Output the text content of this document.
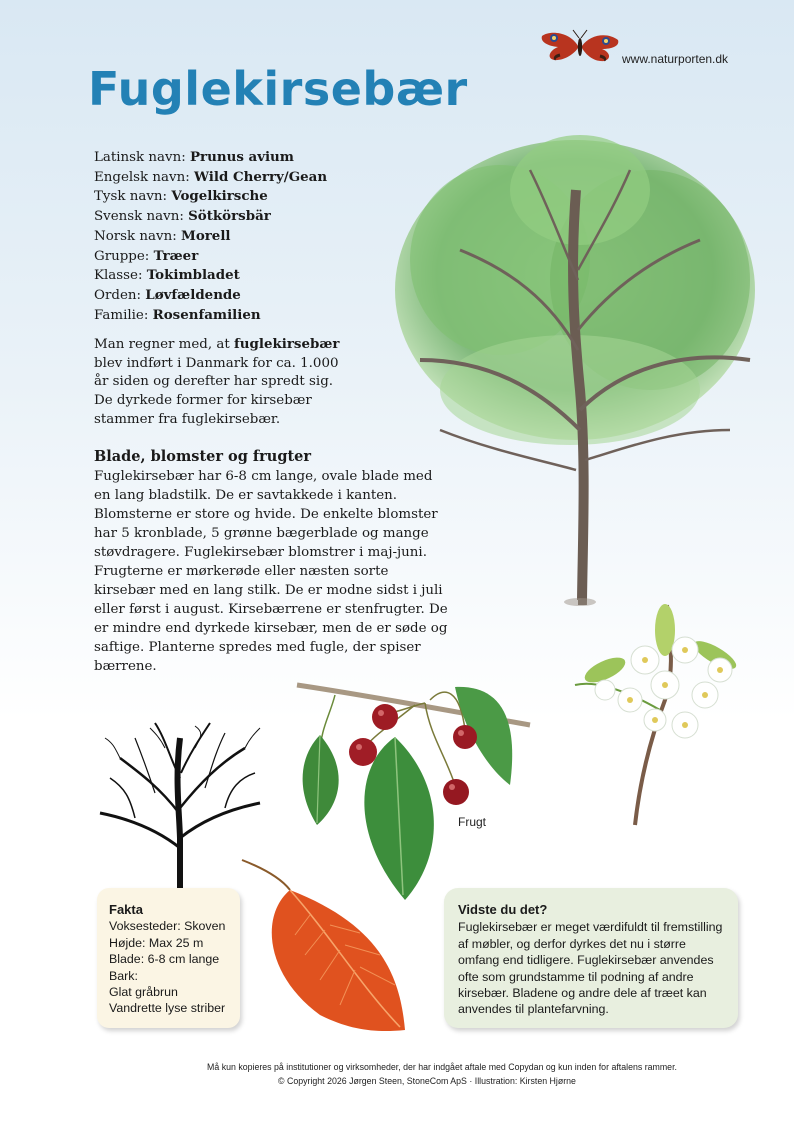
www.naturporten.dk
Fuglekirsebær
Latinsk navn: Prunus avium
Engelsk navn: Wild Cherry/Gean
Tysk navn: Vogelkirsche
Svensk navn: Sötkörsbär
Norsk navn: Morell
Gruppe: Træer
Klasse: Tokimbladet
Orden: Løvfældende
Familie: Rosenfamilien

Man regner med, at fuglekirsebær blev indført i Danmark for ca. 1.000 år siden og derefter har spredt sig. De dyrkede former for kirsebær stammer fra fuglekirsebær.

Blade, blomster og frugter

Fuglekirsebær har 6-8 cm lange, ovale blade med en lang bladstilk. De er savtakkede i kanten. Blomsterne er store og hvide. De enkelte blomster har 5 kronblade, 5 grønne bægerblade og mange støvdragere. Fuglekirsebær blomstrer i maj-juni. Frugterne er mørkerøde eller næsten sorte kirsebær med en lang stilk. De er modne sidst i juli eller først i august. Kirsebærrene er stenfrugter. De er mindre end dyrkede kirsebær, men de er søde og saftige. Planterne spredes med fugle, der spiser bærrene.

Frugt
Fakta
Voksesteder: Skoven
Højde: Max 25 m
Blade: 6-8 cm lange
Bark:
Glat gråbrun
Vandrette lyse striber
Vidste du det?

Fuglekirsebær er meget værdifuldt til fremstilling af møbler, og derfor dyrkes det nu i større omfang end tidligere. Fuglekirsebær anvendes ofte som grundstamme til podning af andre kirsebær. Bladene og andre dele af træet kan anvendes til plantefarvning.

Må kun kopieres på institutioner og virksomheder, der har indgået aftale med Copydan og kun inden for aftalens rammer.
© Copyright 2026 Jørgen Steen, StoneCom ApS · Illustration: Kirsten Hjørne
